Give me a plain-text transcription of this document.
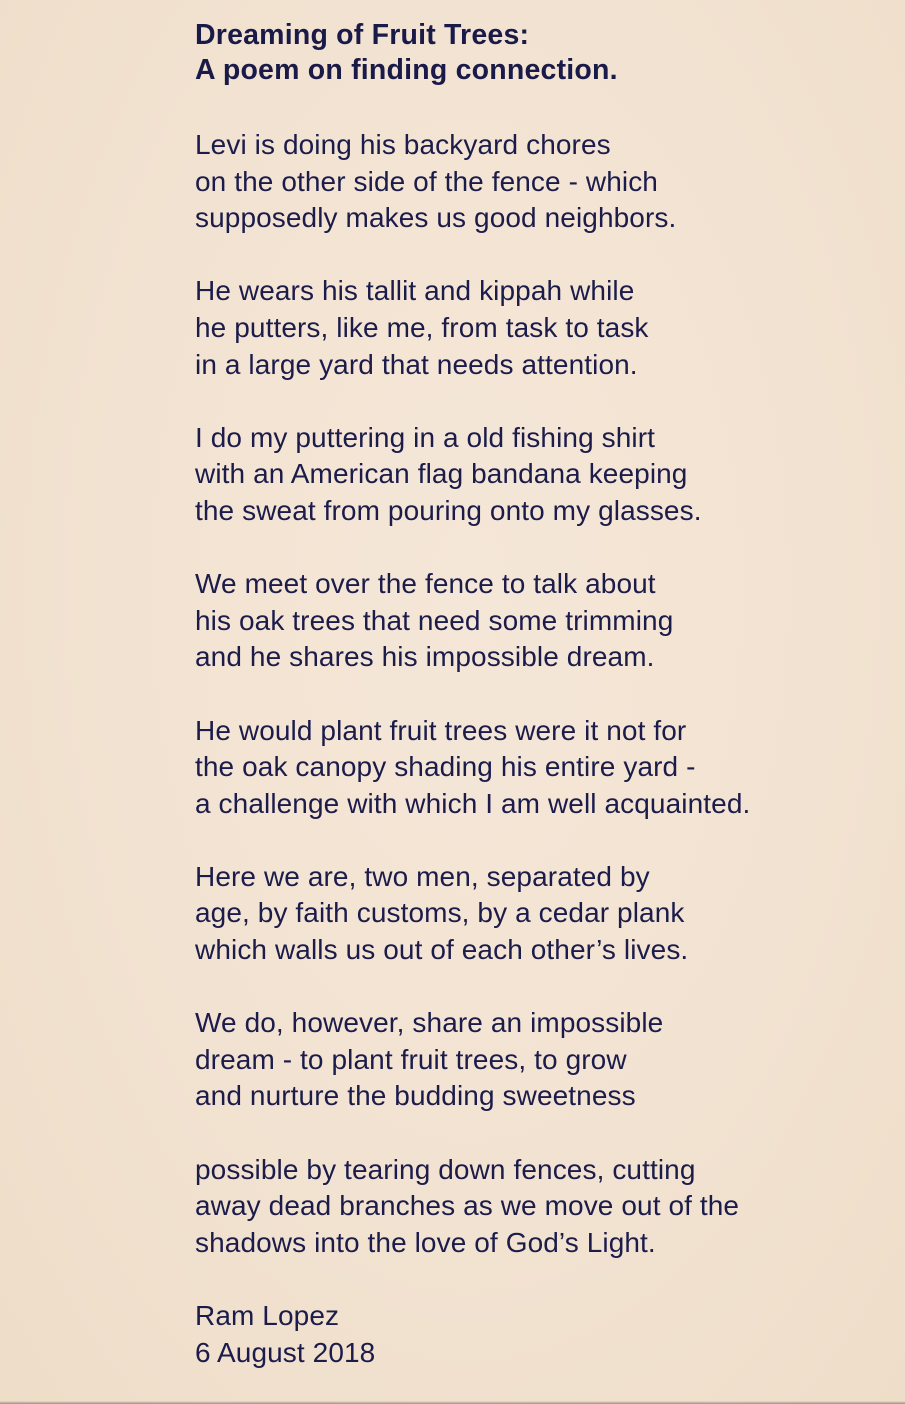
Dreaming of Fruit Trees:
A poem on finding connection.
Levi is doing his backyard chores
on the other side of the fence - which
supposedly makes us good neighbors.
He wears his tallit and kippah while
he putters, like me, from task to task
in a large yard that needs attention.
I do my puttering in a old fishing shirt
with an American flag bandana keeping
the sweat from pouring onto my glasses.
We meet over the fence to talk about
his oak trees that need some trimming
and he shares his impossible dream.
He would plant fruit trees were it not for
the oak canopy shading his entire yard -
a challenge with which I am well acquainted.
Here we are, two men, separated by
age, by faith customs, by a cedar plank
which walls us out of each other’s lives.
We do, however, share an impossible
dream - to plant fruit trees, to grow
and nurture the budding sweetness
possible by tearing down fences, cutting
away dead branches as we move out of the
shadows into the love of God’s Light.
Ram Lopez
6 August 2018
